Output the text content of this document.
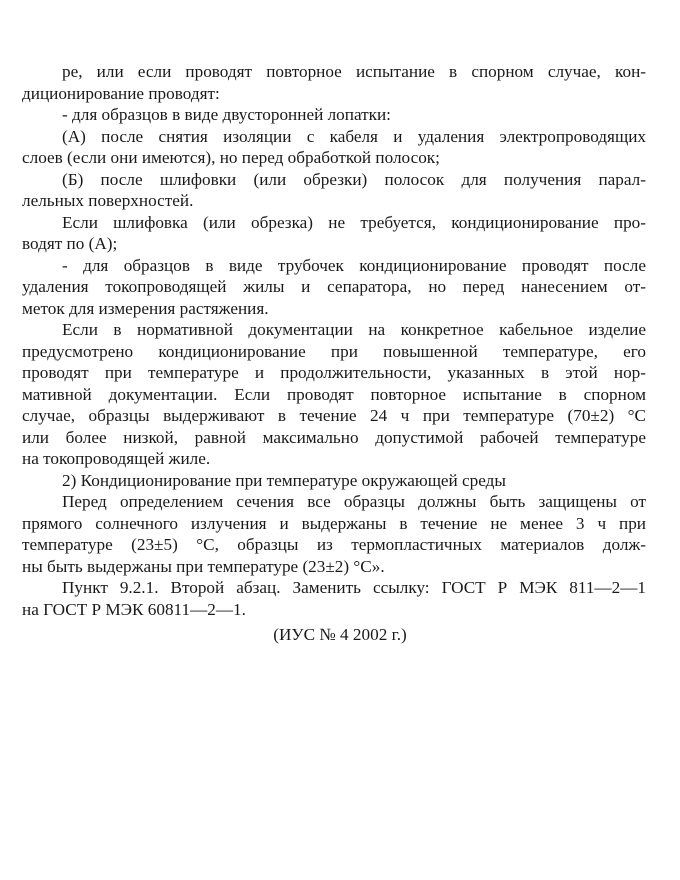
ре, или если проводят повторное испытание в спорном случае, кон-
диционирование проводят:
- для образцов в виде двусторонней лопатки:
(А) после снятия изоляции с кабеля и удаления электропроводящих
слоев (если они имеются), но перед обработкой полосок;
(Б) после шлифовки (или обрезки) полосок для получения парал-
лельных поверхностей.
Если шлифовка (или обрезка) не требуется, кондиционирование про-
водят по (А);
- для образцов в виде трубочек кондиционирование проводят после
удаления токопроводящей жилы и сепаратора, но перед нанесением от-
меток для измерения растяжения.
Если в нормативной документации на конкретное кабельное изделие
предусмотрено кондиционирование при повышенной температуре, его
проводят при температуре и продолжительности, указанных в этой нор-
мативной документации. Если проводят повторное испытание в спорном
случае, образцы выдерживают в течение 24 ч при температуре (70±2) °С
или более низкой, равной максимально допустимой рабочей температуре
на токопроводящей жиле.
2) Кондиционирование при температуре окружающей среды
Перед определением сечения все образцы должны быть защищены от
прямого солнечного излучения и выдержаны в течение не менее 3 ч при
температуре (23±5) °С, образцы из термопластичных материалов долж-
ны быть выдержаны при температуре (23±2) °С».
Пункт 9.2.1. Второй абзац. Заменить ссылку: ГОСТ Р МЭК 811—2—1
на ГОСТ Р МЭК 60811—2—1.
(ИУС № 4 2002 г.)
